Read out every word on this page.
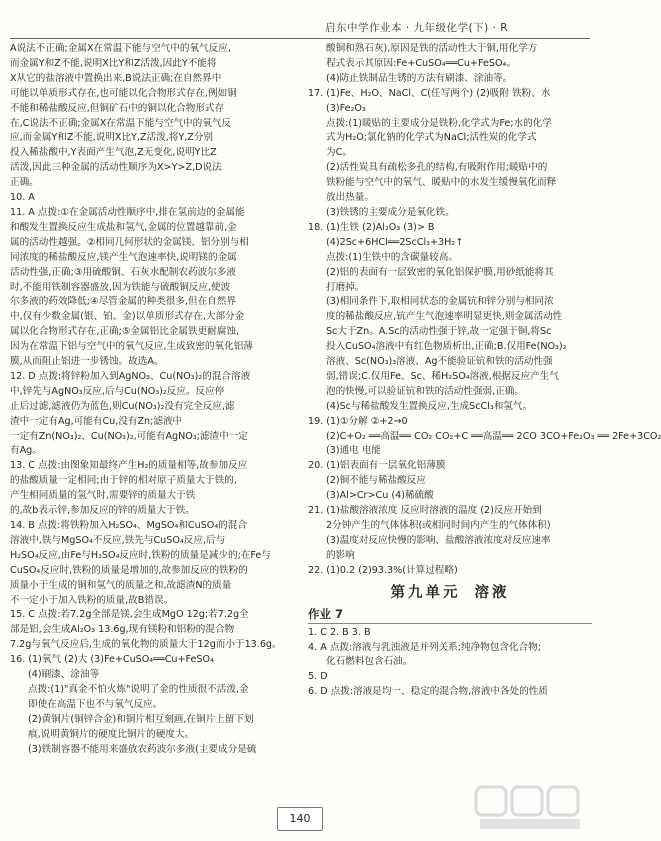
启东中学作业本 · 九年级化学(下) · R

A说法不正确;金属X在常温下能与空气中的氧气反应,

而金属Y和Z不能,说明X比Y和Z活泼,因此Y不能将

X从它的盐溶液中置换出来,B说法正确;在自然界中

可能以单质形式存在,也可能以化合物形式存在,例如铜

不能和稀盐酸反应,但铜矿石中的铜以化合物形式存

在,C说法不正确;金属X在常温下能与空气中的氧气反

应,而金属Y和Z不能,说明X比Y,Z活泼,将Y,Z分别

投入稀盐酸中,Y表面产生气泡,Z无变化,说明Y比Z

活泼,因此三种金属的活动性顺序为X>Y>Z,D说法

正确。

10. A

11. A 点拨:①在金属活动性顺序中,排在氢前边的金属能

和酸发生置换反应生成盐和氢气,金属的位置越靠前,金

属的活动性越强。②相同几何形状的金属镁、铝分别与相

同浓度的稀盐酸反应,镁产生气泡速率快,说明镁的金属

活动性强,正确;③用硫酸铜、石灰水配制农药波尔多液

时,不能用铁制容器盛放,因为铁能与硫酸铜反应,使波

尔多液的药效降低;④尽管金属的种类很多,但在自然界

中,仅有少数金属(银、铂、金)以单质形式存在,大部分金

属以化合物形式存在,正确;⑤金属铝比金属铁更耐腐蚀,

因为在常温下铝与空气中的氧气反应,生成致密的氧化铝薄

膜,从而阻止铝进一步锈蚀。故选A。

12. D 点拨:将锌粉加入到AgNO₃、Cu(NO₃)₂的混合溶液

中,锌先与AgNO₃反应,后与Cu(NO₃)₂反应。反应停

止后过滤,滤液仍为蓝色,则Cu(NO₃)₂没有完全反应,滤

渣中一定有Ag,可能有Cu,没有Zn;滤液中

一定有Zn(NO₃)₂、Cu(NO₃)₂,可能有AgNO₃;滤渣中一定

有Ag。

13. C 点拨:由图象知最终产生H₂的质量相等,故参加反应

的盐酸质量一定相同;由于锌的相对原子质量大于铁的,

产生相同质量的氢气时,需要锌的质量大于铁

的,故b表示锌,参加反应的锌的质量大于铁。

14. B 点拨:将铁粉加入H₂SO₄、MgSO₄和CuSO₄的混合

溶液中,铁与MgSO₄不反应,铁先与CuSO₄反应,后与

H₂SO₄反应,由Fe与H₂SO₄反应时,铁粉的质量是减少的;在Fe与

CuSO₄反应时,铁粉的质量是增加的,故参加反应的铁粉的

质量小于生成的铜和氢气的质量之和,故滤渣N的质量

不一定小于加入铁粉的质量,故B错误。

15. C 点拨:若7.2g全部是镁,会生成MgO 12g;若7.2g全

部是铝,会生成Al₂O₃ 13.6g,现有镁粉和铝粉的混合物

7.2g与氧气反应后,生成的氧化物的质量大于12g而小于13.6g。

16. (1)氧气 (2)大 (3)Fe+CuSO₄══Cu+FeSO₄

(4)刷漆、涂油等

点拨:(1)"真金不怕火炼"说明了金的性质很不活泼,金

即使在高温下也不与氧气反应。

(2)黄铜片(铜锌合金)和铜片相互刻画,在铜片上留下划

痕,说明黄铜片的硬度比铜片的硬度大。

(3)铁制容器不能用来盛放农药波尔多液(主要成分是硫

酸铜和熟石灰),原因是铁的活动性大于铜,用化学方

程式表示其原因:Fe+CuSO₄══Cu+FeSO₄。

(4)防止铁制品生锈的方法有刷漆、涂油等。

17. (1)Fe、H₂O、NaCl、C(任写两个) (2)吸附 铁粉、水

(3)Fe₂O₃

点拨:(1)暖贴的主要成分是铁粉,化学式为Fe;水的化学

式为H₂O;氯化钠的化学式为NaCl;活性炭的化学式

为C。

(2)活性炭具有疏松多孔的结构,有吸附作用;暖贴中的

铁粉能与空气中的氧气、暖贴中的水发生缓慢氧化而释

放出热量。

(3)铁锈的主要成分是氧化铁。

18. (1)生铁 (2)Al₂O₃ (3)> B

(4)2Sc+6HCl══2ScCl₃+3H₂↑

点拨:(1)生铁中的含碳量较高。

(2)铝的表面有一层致密的氧化铝保护膜,用砂纸能将其

打磨掉。

(3)相同条件下,取相同状态的金属钪和锌分别与相同浓

度的稀盐酸反应,钪产生气泡速率明显更快,则金属活动性

Sc大于Zn。A.Sc的活动性强于锌,故一定强于铜,将Sc

投入CuSO₄溶液中有红色物质析出,正确;B.仅用Fe(NO₃)₂

溶液、Sc(NO₃)₃溶液、Ag不能验证钪和铁的活动性强

弱,错误;C.仅用Fe、Sc、稀H₂SO₄溶液,根据反应产生气

泡的快慢,可以验证钪和铁的活动性强弱,正确。

(4)Sc与稀盐酸发生置换反应,生成ScCl₃和氢气。

19. (1)①分解 ②+2→0

(2)C+O₂ ══高温══ CO₂ CO₂+C ══高温══ 2CO 3CO+Fe₂O₃ ══ 2Fe+3CO₂

(3)通电 电能

20. (1)铝表面有一层氧化铝薄膜

(2)铜不能与稀盐酸反应

(3)Al>Cr>Cu (4)稀硫酸

21. (1)盐酸溶液浓度 反应时溶液的温度 (2)反应开始到

2分钟产生的气体体积(或相同时间内产生的气体体积)

(3)温度对反应快慢的影响、盐酸溶液浓度对反应速率

的影响

22. (1)0.2 (2)93.3%(计算过程略)

第九单元 溶液
作业 7

1. C 2. B 3. B

4. A 点拨:溶液与乳浊液是并列关系;纯净物包含化合物;

化石燃料包含石油。

5. D

6. D 点拨:溶液是均一、稳定的混合物,溶液中各处的性质

140
